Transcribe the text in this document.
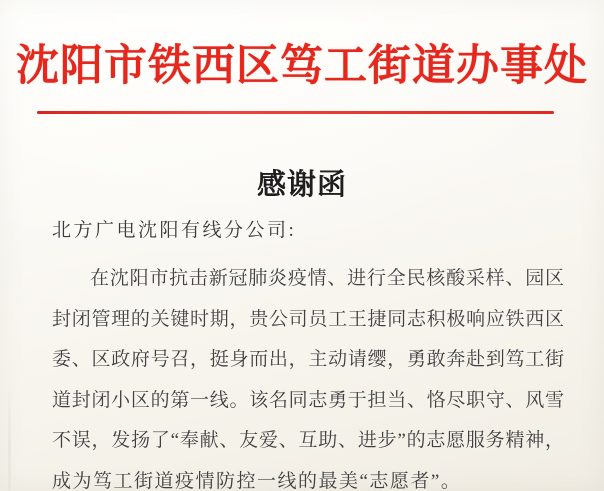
沈阳市铁西区笃工街道办事处
感谢函
北方广电沈阳有线分公司:
在沈阳市抗击新冠肺炎疫情、进行全民核酸采样、园区
封闭管理的关键时期，贵公司员工王捷同志积极响应铁西区
委、区政府号召，挺身而出，主动请缨，勇敢奔赴到笃工街
道封闭小区的第一线。该名同志勇于担当、恪尽职守、风雪
不误，发扬了“奉献、友爱、互助、进步”的志愿服务精神，
成为笃工街道疫情防控一线的最美“志愿者”。
